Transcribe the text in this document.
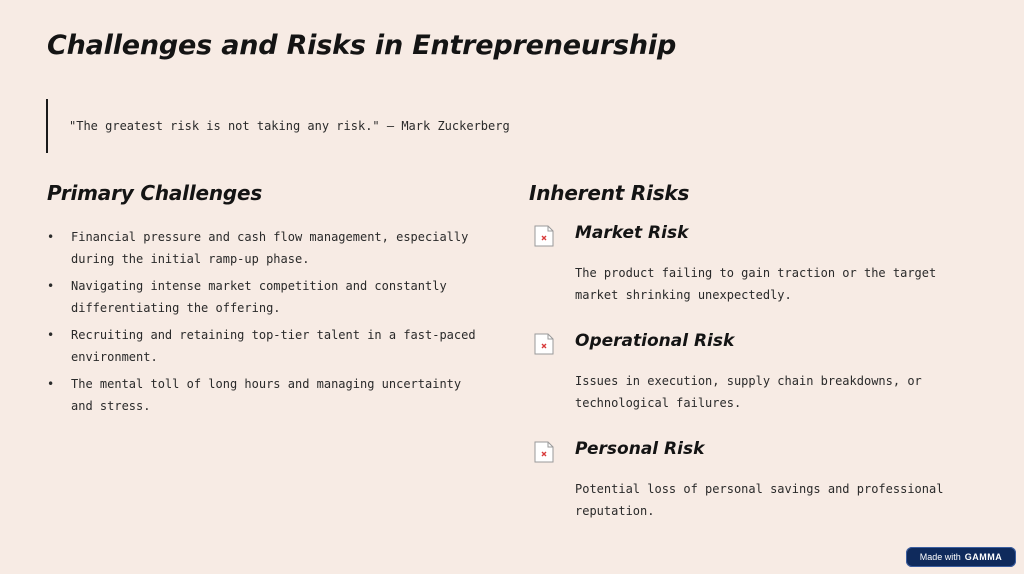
Challenges and Risks in Entrepreneurship
"The greatest risk is not taking any risk." — Mark Zuckerberg
Primary Challenges
• Financial pressure and cash flow management, especially during the initial ramp-up phase.
• Navigating intense market competition and constantly differentiating the offering.
• Recruiting and retaining top-tier talent in a fast-paced environment.
• The mental toll of long hours and managing uncertainty and stress.
Inherent Risks
Market Risk

The product failing to gain traction or the target market shrinking unexpectedly.

Operational Risk

Issues in execution, supply chain breakdowns, or technological failures.

Personal Risk

Potential loss of personal savings and professional reputation.

Made with GAMMA
